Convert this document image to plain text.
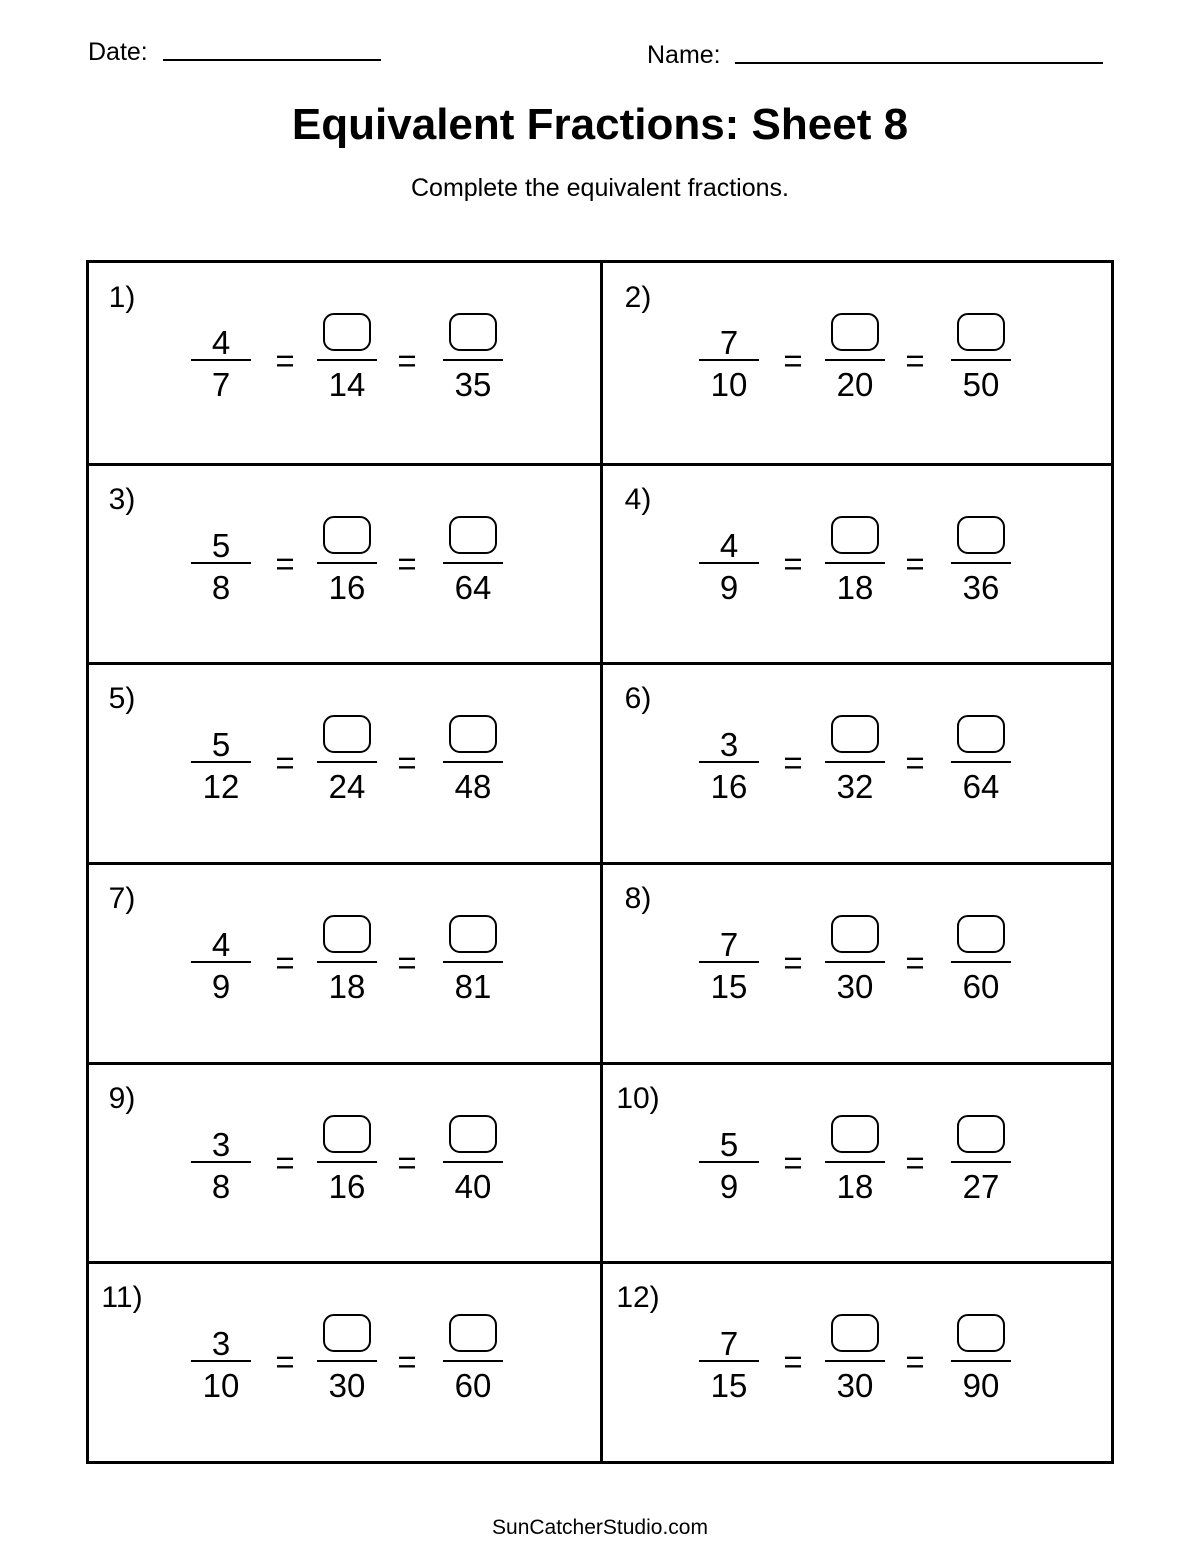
Date:	Name:
Equivalent Fractions: Sheet 8
Complete the equivalent fractions.
1)
4
7
=
14
=
35
2)
7
10
=
20
=
50
3)
5
8
=
16
=
64
4)
4
9
=
18
=
36
5)
5
12
=
24
=
48
6)
3
16
=
32
=
64
7)
4
9
=
18
=
81
8)
7
15
=
30
=
60
9)
3
8
=
16
=
40
10)
5
9
=
18
=
27
11)
3
10
=
30
=
60
12)
7
15
=
30
=
90
SunCatcherStudio.com
